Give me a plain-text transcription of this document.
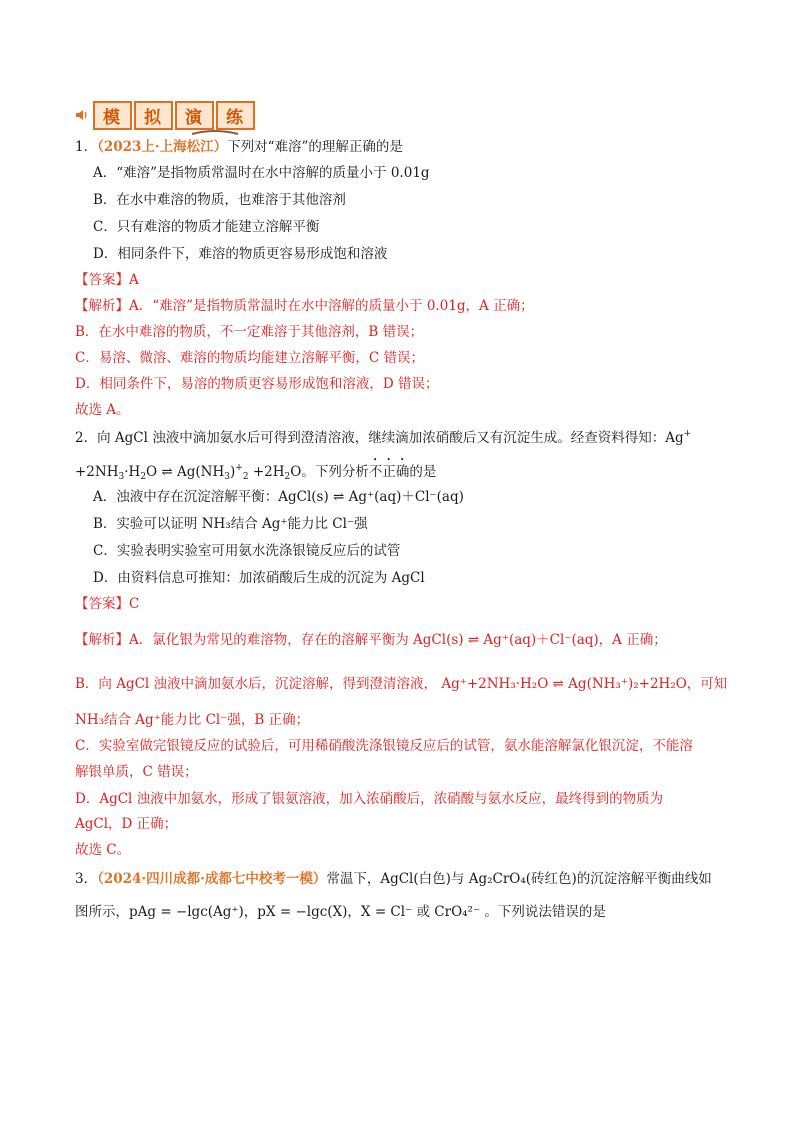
模 拟 演 练
1．（2023上·上海松江）下列对“难溶”的理解正确的是
A．“难溶”是指物质常温时在水中溶解的质量小于 0.01g
B．在水中难溶的物质，也难溶于其他溶剂
C．只有难溶的物质才能建立溶解平衡
D．相同条件下，难溶的物质更容易形成饱和溶液
【答案】A
【解析】A．“难溶”是指物质常温时在水中溶解的质量小于 0.01g，A 正确；
B．在水中难溶的物质，不一定难溶于其他溶剂，B 错误；
C．易溶、微溶、难溶的物质均能建立溶解平衡，C 错误；
D．相同条件下，易溶的物质更容易形成饱和溶液，D 错误；
故选 A。
2．向 AgCl 浊液中滴加氨水后可得到澄清溶液，继续滴加浓硝酸后又有沉淀生成。经查资料得知：Ag+
$+2NH_3\cdot H_2O$ ⇌ $Ag(NH_3)^+_2 +2H_2O$。下列分析不正确的是
A．浊液中存在沉淀溶解平衡：AgCl(s) ⇌ Ag⁺(aq)＋Cl⁻(aq)
B．实验可以证明 NH₃结合 Ag⁺能力比 Cl⁻强
C．实验表明实验室可用氨水洗涤银镜反应后的试管
D．由资料信息可推知：加浓硝酸后生成的沉淀为 AgCl
【答案】C
【解析】A．氯化银为常见的难溶物，存在的溶解平衡为 AgCl(s) ⇌ Ag⁺(aq)＋Cl⁻(aq)，A 正确；
B．向 AgCl 浊液中滴加氨水后，沉淀溶解，得到澄清溶液， Ag⁺+2NH₃·H₂O ⇌ Ag(NH₃⁺)₂+2H₂O，可知
NH₃结合 Ag⁺能力比 Cl⁻强，B 正确；
C．实验室做完银镜反应的试验后，可用稀硝酸洗涤银镜反应后的试管，氨水能溶解氯化银沉淀，不能溶
解银单质，C 错误；
D．AgCl 浊液中加氨水，形成了银氨溶液，加入浓硝酸后，浓硝酸与氨水反应，最终得到的物质为
AgCl，D 正确；
故选 C。
3．（2024·四川成都·成都七中校考一模）常温下，AgCl(白色)与 Ag₂CrO₄(砖红色)的沉淀溶解平衡曲线如
图所示，pAg = −lgc(Ag⁺)，pX = −lgc(X)，X = Cl⁻ 或 CrO₄²⁻ 。下列说法错误的是
